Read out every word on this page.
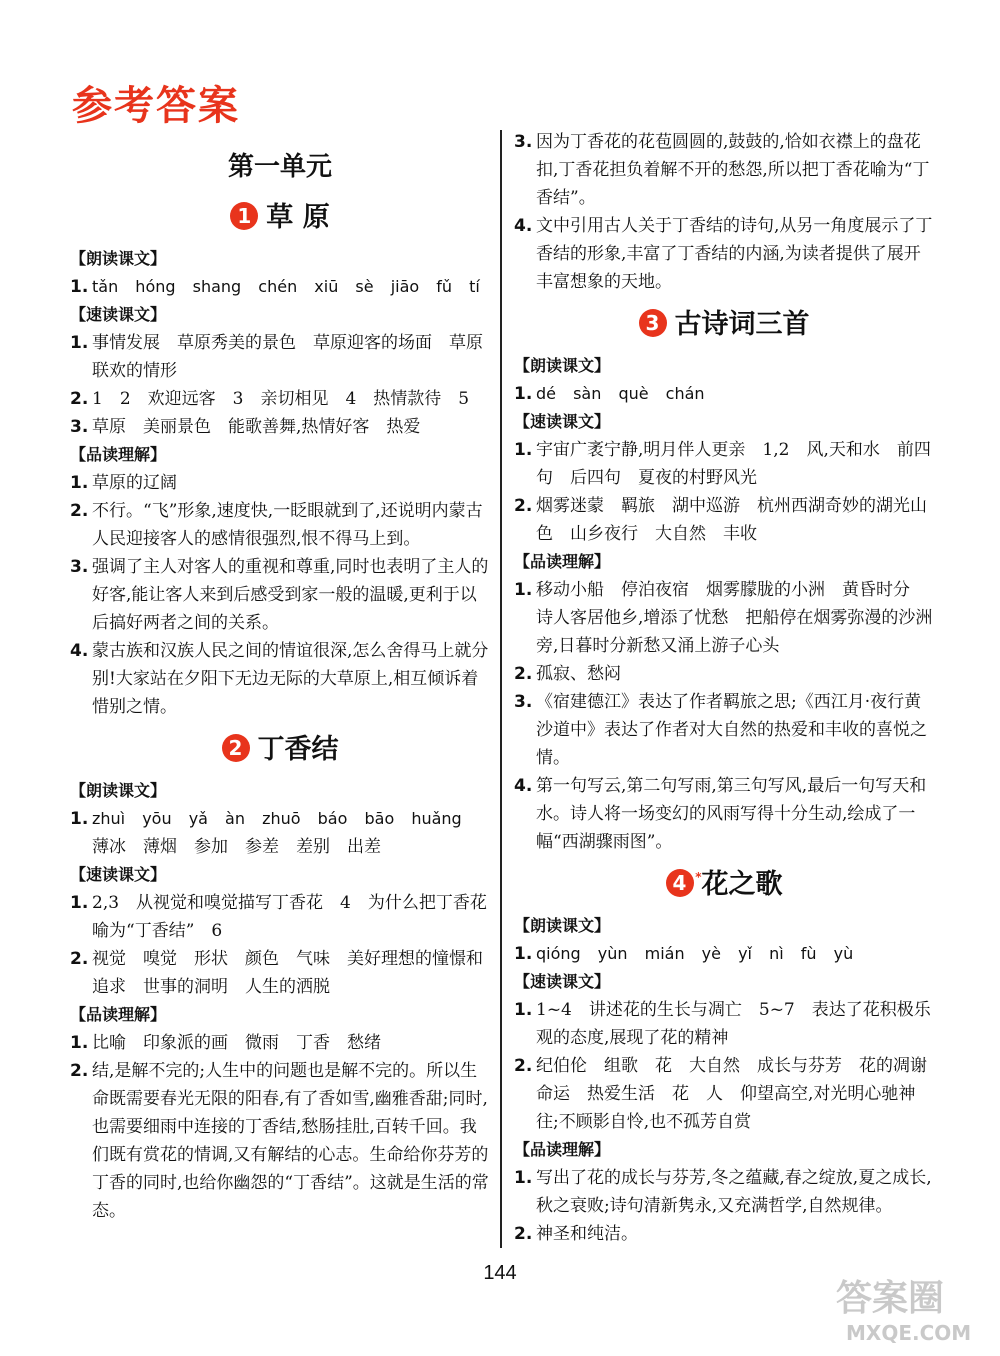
参考答案
第一单元
1 草 原
【朗读课文】
1. tǎn hóng shang chén xiū sè jiāo fǔ tí
【速读课文】
1. 事情发展　草原秀美的景色　草原迎客的场面　草原联欢的情形
2. 1　2　欢迎远客　3　亲切相见　4　热情款待　5
3. 草原　美丽景色　能歌善舞,热情好客　热爱
【品读理解】
1. 草原的辽阔
2. 不行。“飞”形象,速度快,一眨眼就到了,还说明内蒙古人民迎接客人的感情很强烈,恨不得马上到。
3. 强调了主人对客人的重视和尊重,同时也表明了主人的好客,能让客人来到后感受到家一般的温暖,更利于以后搞好两者之间的关系。
4. 蒙古族和汉族人民之间的情谊很深,怎么舍得马上就分别!大家站在夕阳下无边无际的大草原上,相互倾诉着惜别之情。
2 丁香结
【朗读课文】
1. zhuì yōu yǎ àn zhuō báo bāo huǎng
薄冰　薄烟　参加　参差　差别　出差
【速读课文】
1. 2,3　从视觉和嗅觉描写丁香花　4　为什么把丁香花喻为“丁香结”　6
2. 视觉　嗅觉　形状　颜色　气味　美好理想的憧憬和追求　世事的洞明　人生的洒脱
【品读理解】
1. 比喻　印象派的画　微雨　丁香　愁绪
2. 结,是解不完的;人生中的问题也是解不完的。所以生命既需要春光无限的阳春,有了香如雪,幽雅香甜;同时,也需要细雨中连接的丁香结,愁肠挂肚,百转千回。我们既有赏花的情调,又有解结的心志。生命给你芬芳的丁香的同时,也给你幽怨的“丁香结”。这就是生活的常态。
3. 因为丁香花的花苞圆圆的,鼓鼓的,恰如衣襟上的盘花扣,丁香花担负着解不开的愁怨,所以把丁香花喻为“丁香结”。
4. 文中引用古人关于丁香结的诗句,从另一角度展示了丁香结的形象,丰富了丁香结的内涵,为读者提供了展开丰富想象的天地。
3 古诗词三首
【朗读课文】
1. dé sàn què chán
【速读课文】
1. 宇宙广袤宁静,明月伴人更亲　1,2　风,天和水　前四句　后四句　夏夜的村野风光
2. 烟雾迷蒙　羁旅　湖中巡游　杭州西湖奇妙的湖光山色　山乡夜行　大自然　丰收
【品读理解】
1. 移动小船　停泊夜宿　烟雾朦胧的小洲　黄昏时分　诗人客居他乡,增添了忧愁　把船停在烟雾弥漫的沙洲旁,日暮时分新愁又涌上游子心头
2. 孤寂、愁闷
3. 《宿建德江》表达了作者羁旅之思;《西江月·夜行黄沙道中》表达了作者对大自然的热爱和丰收的喜悦之情。
4. 第一句写云,第二句写雨,第三句写风,最后一句写天和水。诗人将一场变幻的风雨写得十分生动,绘成了一幅“西湖骤雨图”。
4 * 花之歌
【朗读课文】
1. qióng yùn mián yè yǐ nì fù yù
【速读课文】
1. 1~4　讲述花的生长与凋亡　5~7　表达了花积极乐观的态度,展现了花的精神
2. 纪伯伦　组歌　花　大自然　成长与芬芳　花的凋谢命运　热爱生活　花　人　仰望高空,对光明心驰神往;不顾影自怜,也不孤芳自赏
【品读理解】
1. 写出了花的成长与芬芳,冬之蕴藏,春之绽放,夏之成长,秋之衰败;诗句清新隽永,又充满哲学,自然规律。
2. 神圣和纯洁。
144
答案圈
MXQE.COM
